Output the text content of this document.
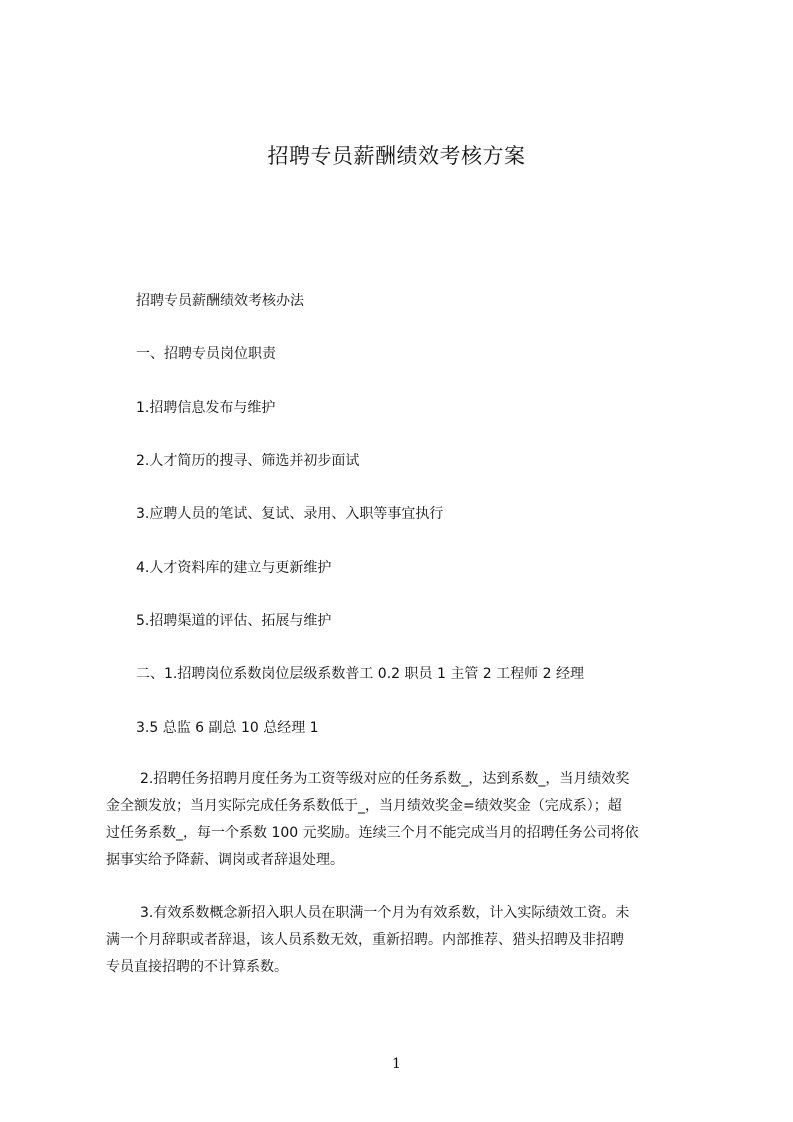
招聘专员薪酬绩效考核方案
招聘专员薪酬绩效考核办法
一、招聘专员岗位职责
1.招聘信息发布与维护
2.人才简历的搜寻、筛选并初步面试
3.应聘人员的笔试、复试、录用、入职等事宜执行
4.人才资料库的建立与更新维护
5.招聘渠道的评估、拓展与维护
二、1.招聘岗位系数岗位层级系数普工 0.2 职员 1 主管 2 工程师 2 经理
3.5 总监 6 副总 10 总经理 1
2.招聘任务招聘月度任务为工资等级对应的任务系数_，达到系数_，当月绩效奖
金全额发放；当月实际完成任务系数低于_，当月绩效奖金=绩效奖金（完成系）；超
过任务系数_，每一个系数 100 元奖励。连续三个月不能完成当月的招聘任务公司将依
据事实给予降薪、调岗或者辞退处理。
3.有效系数概念新招入职人员在职满一个月为有效系数，计入实际绩效工资。未
满一个月辞职或者辞退，该人员系数无效，重新招聘。内部推荐、猎头招聘及非招聘
专员直接招聘的不计算系数。
1
